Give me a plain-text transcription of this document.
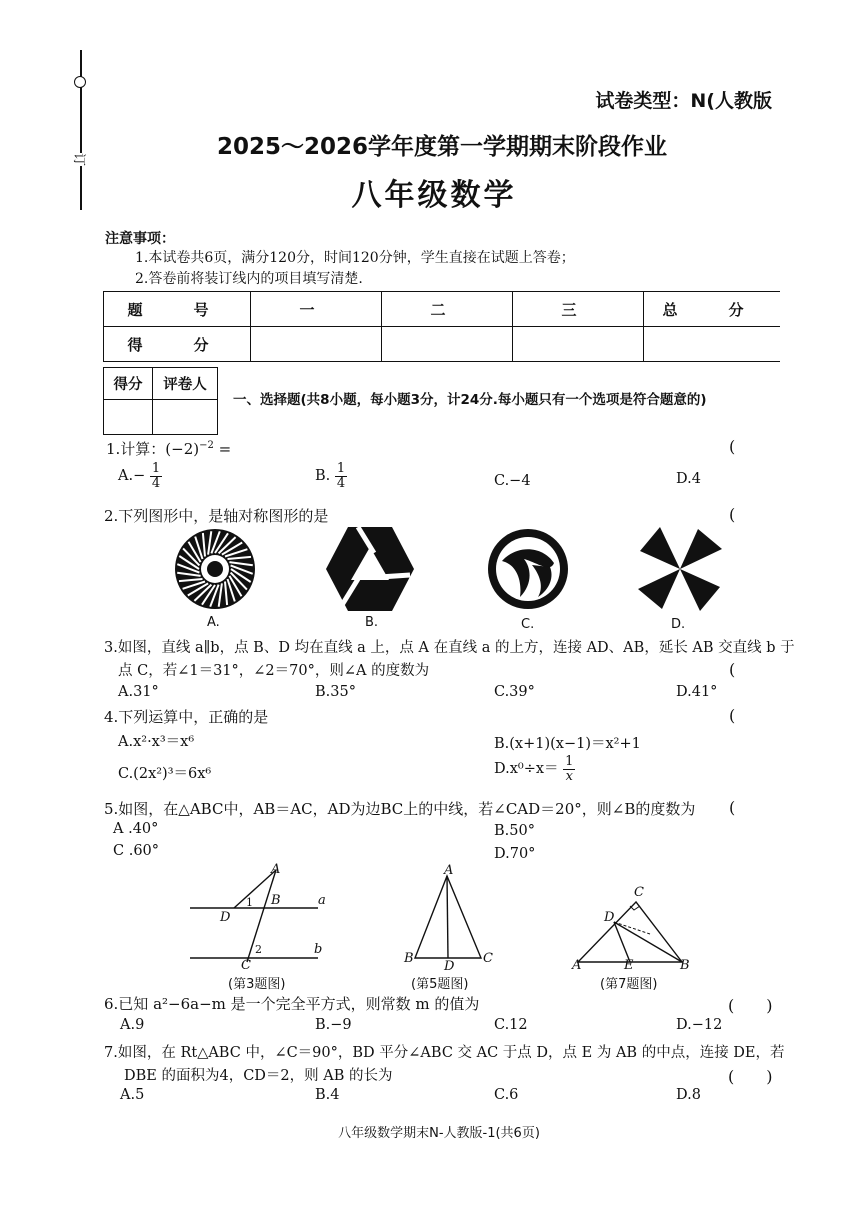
订
试卷类型：N(人教版
2025～2026学年度第一学期期末阶段作业
八年级数学
注意事项：
1.本试卷共6页，满分120分，时间120分钟，学生直接在试题上答卷；
2.答卷前将装订线内的项目填写清楚.
题　号	一	二	三	总　分
得　分				
得分	评卷人

一、选择题(共8小题，每小题3分，计24分.每小题只有一个选项是符合题意的)
1.计算：$(-2)^{-2}$ =	(
$A.- \frac{1}{4}$	B. $\frac{1}{4}$	C.−4	D.4
2.下列图形中，是轴对称图形的是	(
A.	B.	C.	D.
3.如图，直线 a∥b，点 B、D 均在直线 a 上，点 A 在直线 a 的上方，连接 AD、AB，延长 AB 交直线 b 于
点 C，若∠1＝31°，∠2＝70°，则∠A 的度数为	(
A.31°	B.35°	C.39°	D.41°
4.下列运算中，正确的是	(
A.x²·x³＝x⁶	B.(x+1)(x−1)＝x²+1
C.(2x²)³＝6x⁶	$D.x^0\div x= \frac{1}{x}$
5.如图，在△ABC中，AB＝AC，AD为边BC上的中线，若∠CAD＝20°，则∠B的度数为 (
A .40°	B.50°
C .60°	D.70°
A
B	a
D
1
2	b
C
(第3题图)
A
B
D
C
(第5题图)
C
D
A	E	B
(第7题图)
6.已知 a²−6a−m 是一个完全平方式，则常数 m 的值为	(　　)
A.9	B.−9	C.12	D.−12
7.如图，在 Rt△ABC 中，∠C＝90°，BD 平分∠ABC 交 AC 于点 D，点 E 为 AB 的中点，连接 DE，若
DBE 的面积为4，CD＝2，则 AB 的长为	(　　)
A.5	B.4	C.6	D.8
八年级数学期末N-人教版-1(共6页)
